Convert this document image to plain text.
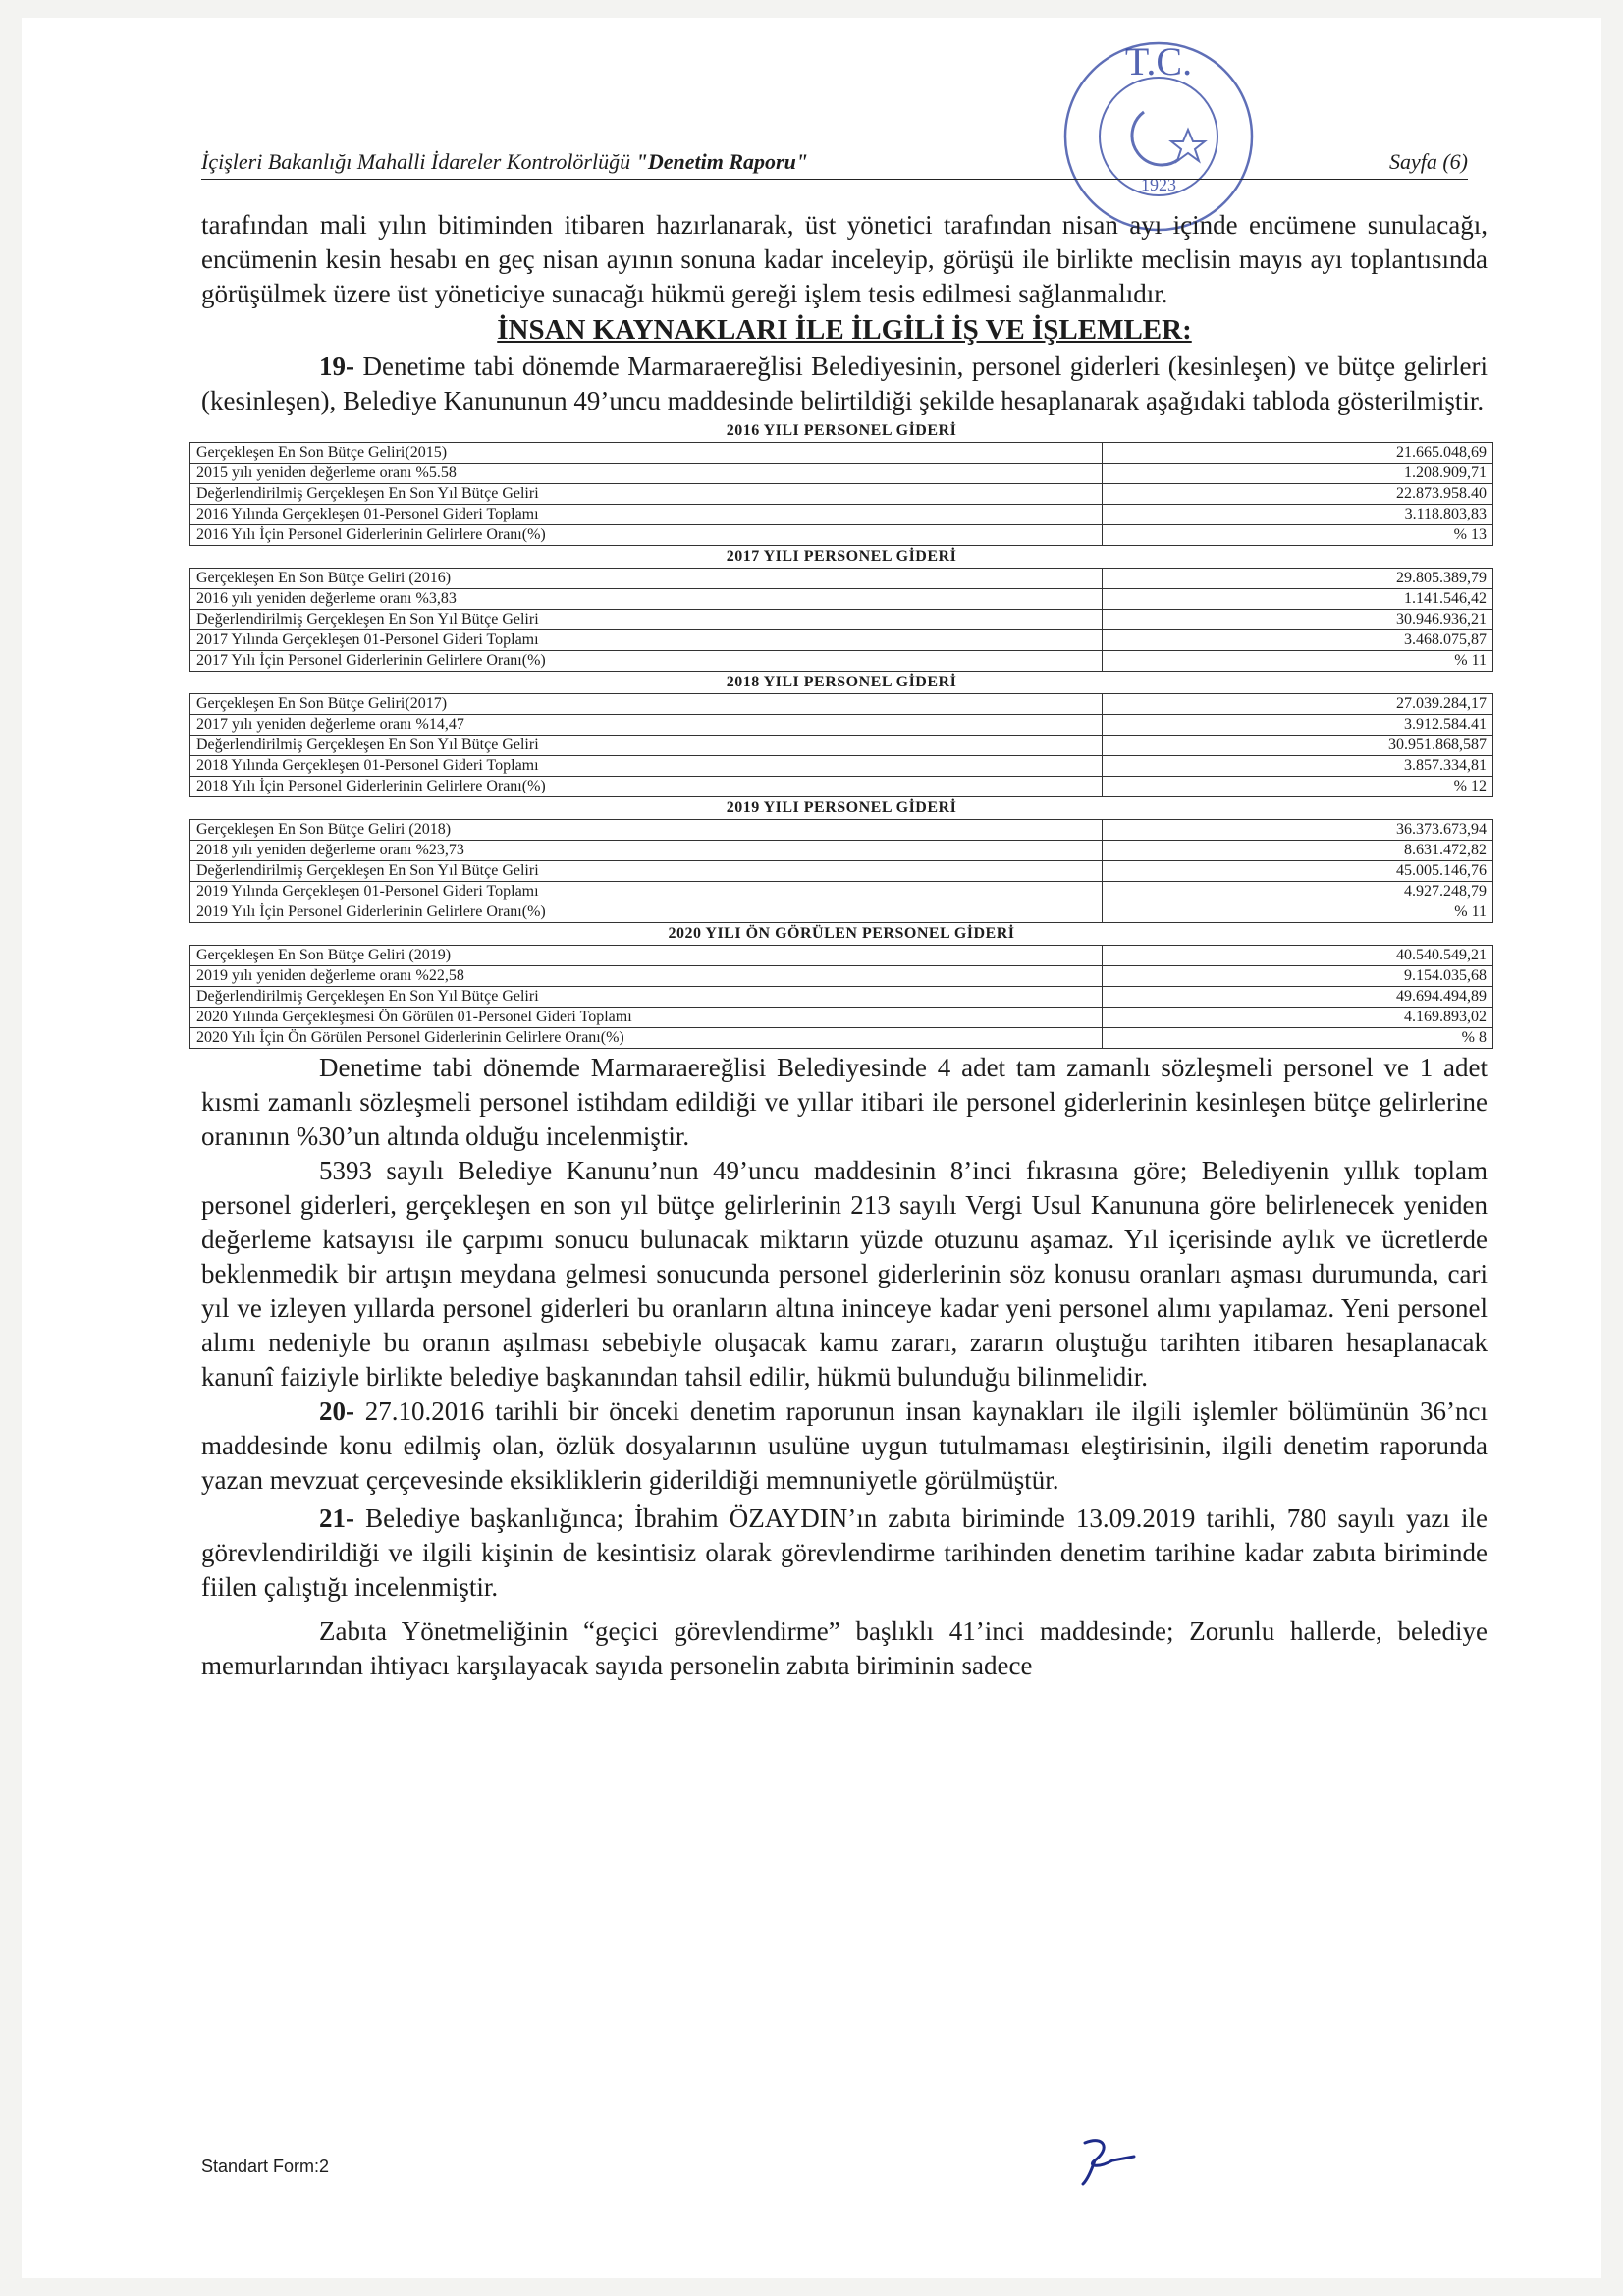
T.C.
1923
İçişleri Bakanlığı Mahalli İdareler Kontrolörlüğü "Denetim Raporu"	Sayfa (6)

tarafından mali yılın bitiminden itibaren hazırlanarak, üst yönetici tarafından nisan ayı içinde encümene sunulacağı, encümenin kesin hesabı en geç nisan ayının sonuna kadar inceleyip, görüşü ile birlikte meclisin mayıs ayı toplantısında görüşülmek üzere üst yöneticiye sunacağı hükmü gereği işlem tesis edilmesi sağlanmalıdır.

İNSAN KAYNAKLARI İLE İLGİLİ İŞ VE İŞLEMLER:

19- Denetime tabi dönemde Marmaraereğlisi Belediyesinin, personel giderleri (kesinleşen) ve bütçe gelirleri (kesinleşen), Belediye Kanununun 49’uncu maddesinde belirtildiği şekilde hesaplanarak aşağıdaki tabloda gösterilmiştir.

2016 YILI PERSONEL GİDERİ	
Gerçekleşen En Son Bütçe Geliri(2015)	21.665.048,69
2015 yılı yeniden değerleme oranı %5.58	1.208.909,71
Değerlendirilmiş Gerçekleşen En Son Yıl Bütçe Geliri	22.873.958.40
2016 Yılında Gerçekleşen 01-Personel Gideri Toplamı	3.118.803,83
2016 Yılı İçin Personel Giderlerinin Gelirlere Oranı(%)	% 13
2017 YILI PERSONEL GİDERİ	
Gerçekleşen En Son Bütçe Geliri (2016)	29.805.389,79
2016 yılı yeniden değerleme oranı %3,83	1.141.546,42
Değerlendirilmiş Gerçekleşen En Son Yıl Bütçe Geliri	30.946.936,21
2017 Yılında Gerçekleşen 01-Personel Gideri Toplamı	3.468.075,87
2017 Yılı İçin Personel Giderlerinin Gelirlere Oranı(%)	% 11
2018 YILI PERSONEL GİDERİ	
Gerçekleşen En Son Bütçe Geliri(2017)	27.039.284,17
2017 yılı yeniden değerleme oranı %14,47	3.912.584.41
Değerlendirilmiş Gerçekleşen En Son Yıl Bütçe Geliri	30.951.868,587
2018 Yılında Gerçekleşen 01-Personel Gideri Toplamı	3.857.334,81
2018 Yılı İçin Personel Giderlerinin Gelirlere Oranı(%)	% 12
2019 YILI PERSONEL GİDERİ	
Gerçekleşen En Son Bütçe Geliri (2018)	36.373.673,94
2018 yılı yeniden değerleme oranı %23,73	8.631.472,82
Değerlendirilmiş Gerçekleşen En Son Yıl Bütçe Geliri	45.005.146,76
2019 Yılında Gerçekleşen 01-Personel Gideri Toplamı	4.927.248,79
2019 Yılı İçin Personel Giderlerinin Gelirlere Oranı(%)	% 11
2020 YILI ÖN GÖRÜLEN PERSONEL GİDERİ	
Gerçekleşen En Son Bütçe Geliri (2019)	40.540.549,21
2019 yılı yeniden değerleme oranı %22,58	9.154.035,68
Değerlendirilmiş Gerçekleşen En Son Yıl Bütçe Geliri	49.694.494,89
2020 Yılında Gerçekleşmesi Ön Görülen 01-Personel Gideri Toplamı	4.169.893,02
2020 Yılı İçin Ön Görülen Personel Giderlerinin Gelirlere Oranı(%)	% 8

Denetime tabi dönemde Marmaraereğlisi Belediyesinde 4 adet tam zamanlı sözleşmeli personel ve 1 adet kısmi zamanlı sözleşmeli personel istihdam edildiği ve yıllar itibari ile personel giderlerinin kesinleşen bütçe gelirlerine oranının %30’un altında olduğu incelenmiştir.

5393 sayılı Belediye Kanunu’nun 49’uncu maddesinin 8’inci fıkrasına göre; Belediyenin yıllık toplam personel giderleri, gerçekleşen en son yıl bütçe gelirlerinin 213 sayılı Vergi Usul Kanununa göre belirlenecek yeniden değerleme katsayısı ile çarpımı sonucu bulunacak miktarın yüzde otuzunu aşamaz. Yıl içerisinde aylık ve ücretlerde beklenmedik bir artışın meydana gelmesi sonucunda personel giderlerinin söz konusu oranları aşması durumunda, cari yıl ve izleyen yıllarda personel giderleri bu oranların altına ininceye kadar yeni personel alımı yapılamaz. Yeni personel alımı nedeniyle bu oranın aşılması sebebiyle oluşacak kamu zararı, zararın oluştuğu tarihten itibaren hesaplanacak kanunî faiziyle birlikte belediye başkanından tahsil edilir, hükmü bulunduğu bilinmelidir.

20- 27.10.2016 tarihli bir önceki denetim raporunun insan kaynakları ile ilgili işlemler bölümünün 36’ncı maddesinde konu edilmiş olan, özlük dosyalarının usulüne uygun tutulmaması eleştirisinin, ilgili denetim raporunda yazan mevzuat çerçevesinde eksikliklerin giderildiği memnuniyetle görülmüştür.

21- Belediye başkanlığınca; İbrahim ÖZAYDIN’ın zabıta biriminde 13.09.2019 tarihli, 780 sayılı yazı ile görevlendirildiği ve ilgili kişinin de kesintisiz olarak görevlendirme tarihinden denetim tarihine kadar zabıta biriminde fiilen çalıştığı incelenmiştir.

Zabıta Yönetmeliğinin “geçici görevlendirme” başlıklı 41’inci maddesinde; Zorunlu hallerde, belediye memurlarından ihtiyacı karşılayacak sayıda personelin zabıta biriminin sadece

Standart Form:2
